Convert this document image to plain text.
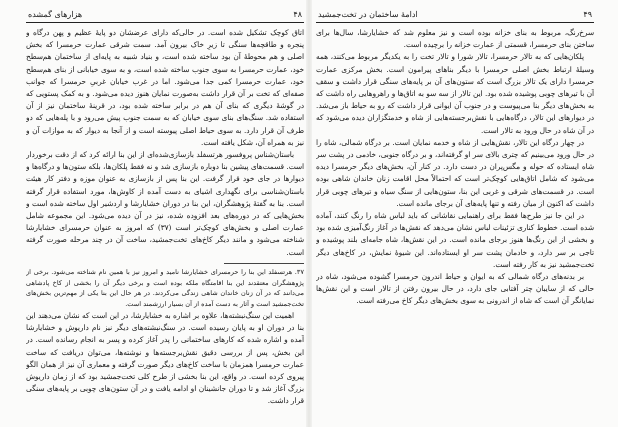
۴۸
هزارهای گمشده

اتاق کوچک تشکیل شده است. در حالی‌که دارای عرضشان دو پایهٔ عظیم و پهن درگاه و پنجره و طاقچه‌ها سنگی تا زیرِ خاک بیرون آمد. سمت شرقی عمارت حرمسرا که بخش اصلی و هم محوطهٔ آن بود ساخته شده است، و بنیاد شبیه به پایه‌ای از ساختمان هم‌سطح خود، عمارت حرمسرا به سوی جنوب ساخته شده است، و به سوی خیابانی از بنای هم‌سطح خود، عمارت حرمسرا کمی جدا می‌شود. اما در غرب خیابان غربیِ حرمسرا که جوانب صفه‌ای که تخت بر آن قرار داشت به‌صورت نمایان هنوز دیده می‌شود. و به کمک پستویی که در گوشهٔ دیگری که بنای آن هم در برابر ساخته شده بود، در قرینهٔ ساختمان نیز از آن استفاده شد. سنگ‌های بنای سوی خیابان که به سمت جنوب پیش می‌رود و با پله‌هایی که دو طرف آن قرار دارد. به سوی حیاط اصلی پیوسته است و از آنجا به دیوار که به موازات آن و نیز به همراه آن، شکل یافته است.

باستان‌شناس پروفسور هرتسفلد بازسازی‌شده‌ای از این بنا ارائه کرد که از دقت برخوردار است. قسمت‌های پیشین بنا دوباره بازسازی شد و نه فقط پلکان‌ها، بلکه ستون‌ها و درگاه‌ها و دیوارها در جای خود قرار گرفت. این بنا پس از بازسازی به عنوان موزه و دفتر کار هیئت باستان‌شناسی برای نگهداری اشیای به دست آمده از کاوش‌ها، مورد استفاده قرار گرفته است. بنا به گفتهٔ پژوهشگران، این بنا در دوران خشایارشا و اردشیر اول ساخته شده است و بخش‌هایی که در دوره‌های بعد افزوده شده، نیز در آن دیده می‌شود. این مجموعه شامل عمارت اصلی و بخش‌های کوچک‌تر است (۳۷) که امروز به عنوان حرمسرای خشایارشا شناخته می‌شود و مانند دیگر کاخ‌های تخت‌جمشید، ساخت آن در چند مرحله صورت گرفته است.

۳۷. هرتسفلد این بنا را حرمسرای خشایارشا نامید و امروز نیز با همین نام شناخته می‌شود. برخی از پژوهشگران معتقدند این بنا اقامتگاه ملکه بوده است و برخی دیگر آن را بخشی از کاخ پادشاهی می‌دانند که در آن زنان خاندان شاهی زندگی می‌کردند. در هر حال این بنا یکی از مهم‌ترین بخش‌های تخت‌جمشید است و آثار به دست آمده از آن بسیار ارزشمند است.

اهمیت این سنگ‌نبشته‌ها، علاوه بر اشاره به خشایارشا، در این است که نشان می‌دهند این بنا در دوران او به پایان رسیده است. در سنگ‌نبشته‌های دیگر نیز نام داریوش و خشایارشا آمده و اشاره شده که کارهای ساختمانی را پدر آغاز کرده و پسر به انجام رسانده است. در این بخش، پس از بررسی دقیق نقش‌برجسته‌ها و نوشته‌ها، می‌توان دریافت که ساخت عمارت حرمسرا همزمان با ساخت کاخ‌های دیگر صورت گرفته و معماری آن نیز از همان الگو پیروی کرده است. در واقع، این بنا بخشی از طرح کلی تخت‌جمشید بود که از زمان داریوش بزرگ آغاز شد و تا دوران جانشینان او ادامه یافت و در آن ستون‌های چوبی بر پایه‌های سنگی قرار داشت.

۴۹
ادامهٔ ساختمان در تخت‌جمشید

سرخ‌رنگ، مربوط به بنای خزانه بوده است و نیز معلوم شد که خشایارشا، سال‌ها برای ساختن بنای حرمسرا، قسمتی از عمارت خزانه را برچیده است.

پلکان‌هایی که به تالار حرمسرا، تالار شورا و تالار تخت را به یکدیگر مربوط می‌کنند، همه وسیلهٔ ارتباط بخش اصلی حرمسرا با دیگر بناهای پیرامون است. بخش مرکزی عمارت حرمسرا دارای یک تالار بزرگ است که ستون‌های آن بر پایه‌های سنگی قرار داشت و سقف آن با تیرهای چوبی پوشیده شده بود. این تالار از سه سو به اتاق‌ها و راهروهایی راه داشت که به بخش‌های دیگر بنا می‌پیوست و در جنوب آن ایوانی قرار داشت که رو به حیاط باز می‌شد. در دیوارهای این تالار، درگاه‌هایی با نقش‌برجسته‌هایی از شاه و خدمتگزاران دیده می‌شود که در آن شاه در حال ورود به تالار است.

در چهار درگاه این تالار، نقش‌هایی از شاه و خدمه نمایان است. بر درگاه شمالی، شاه را در حال ورود می‌بینیم که چتری بالای سر او گرفته‌اند، و بر درگاه جنوبی، خادمی در پشت سر شاه ایستاده که حوله و مگس‌پران در دست دارد. در کنار آن، بخش‌های دیگر حرمسرا دیده می‌شود که شامل اتاق‌هایی کوچک‌تر است که احتمالاً محل اقامت زنان خاندان شاهی بوده است. در قسمت‌های شرقی و غربی این بنا، ستون‌هایی از سنگ سیاه و تیرهای چوبی قرار داشت که اکنون از میان رفته و تنها پایه‌های آن برجای مانده است.

در این جا نیز طرح‌ها فقط برای راهنمایی نقاشانی که باید لباس شاه را رنگ کنند، آماده شده است. خطوط کناری تزئینات لباس نشان می‌دهد که نقش‌ها در آغاز رنگ‌آمیزی شده بود و بخشی از این رنگ‌ها هنوز برجای مانده است. در این نقش‌ها، شاه جامه‌ای بلند پوشیده و تاجی بر سر دارد، و خادمان پشت سر او ایستاده‌اند. این شیوهٔ نمایش، در کاخ‌های دیگر تخت‌جمشید نیز به کار رفته است.

بر بدنه‌های درگاه شمالی که به ایوان و حیاط اندرون حرمسرا گشوده می‌شود، شاه در حالی که از سایبان چتر آفتابی جای دارد، در حال بیرون رفتن از تالار است و این نقش‌ها نمایانگر آن است که شاه از اندرونی به سوی بخش‌های دیگر کاخ می‌رفته است.
